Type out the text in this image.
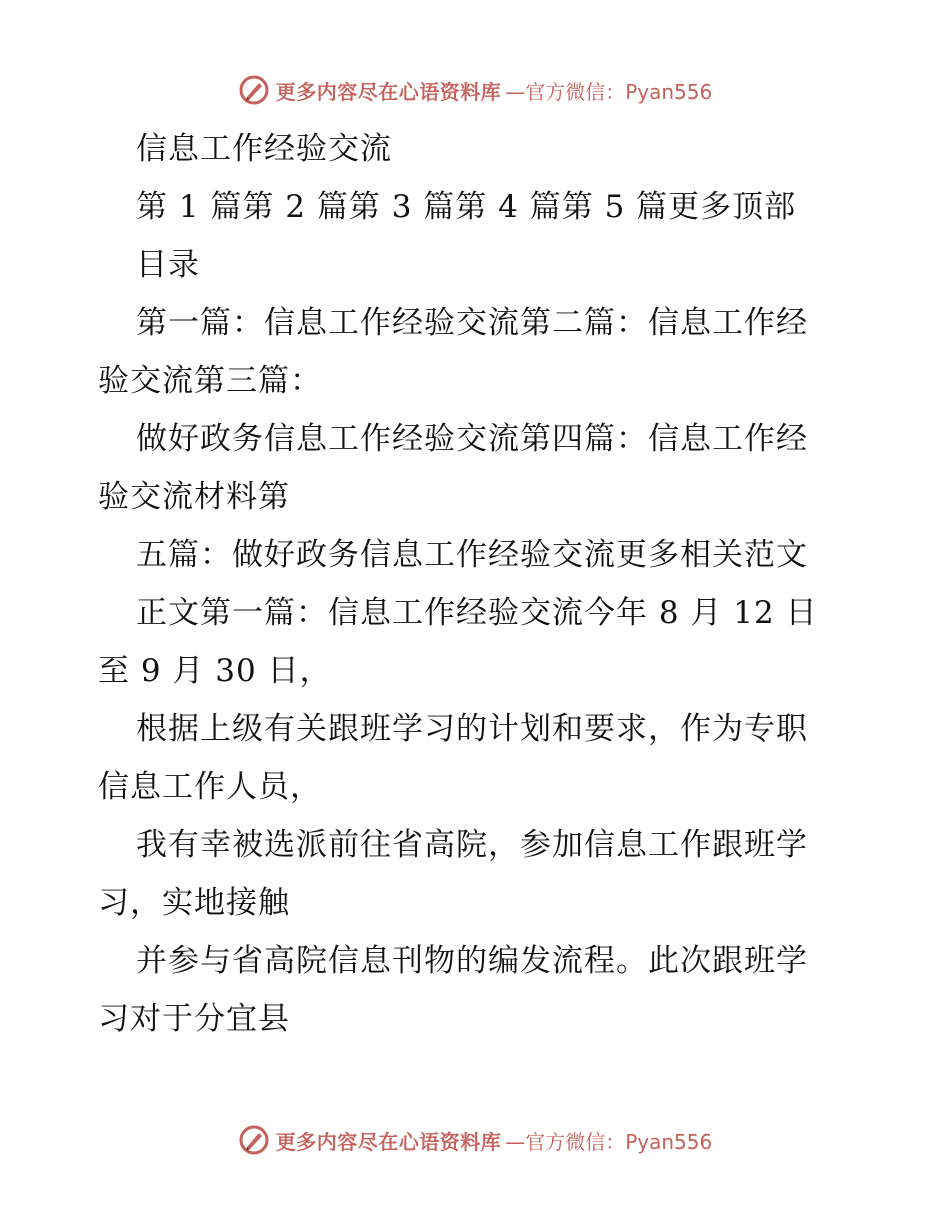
更多内容尽在心语资料库 —官方微信：Pyan556
信息工作经验交流
第 1 篇第 2 篇第 3 篇第 4 篇第 5 篇更多顶部
目录
第一篇：信息工作经验交流第二篇：信息工作经
验交流第三篇：
做好政务信息工作经验交流第四篇：信息工作经
验交流材料第
五篇：做好政务信息工作经验交流更多相关范文
正文第一篇：信息工作经验交流今年 8 月 12 日
至 9 月 30 日，
根据上级有关跟班学习的计划和要求，作为专职
信息工作人员，
我有幸被选派前往省高院，参加信息工作跟班学
习，实地接触
并参与省高院信息刊物的编发流程。此次跟班学
习对于分宜县
更多内容尽在心语资料库 —官方微信：Pyan556
